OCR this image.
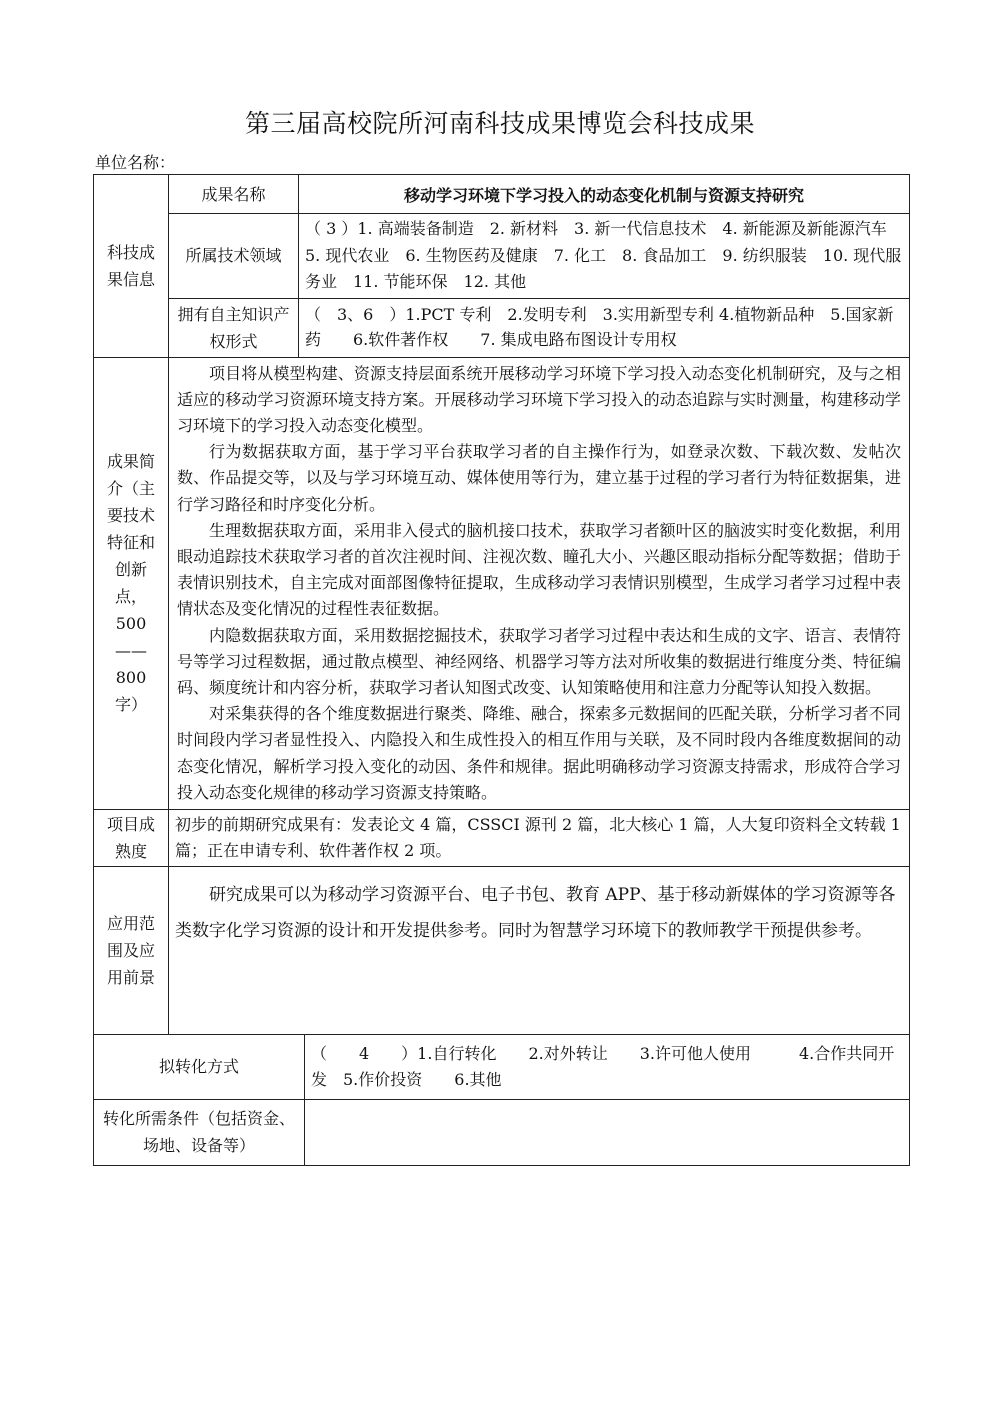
第三届高校院所河南科技成果博览会科技成果
单位名称：
科技成果信息	成果名称	移动学习环境下学习投入的动态变化机制与资源支持研究	
	所属技术领域	（ 3 ）1. 高端装备制造　2. 新材料　3. 新一代信息技术　4. 新能源及新能源汽车　5. 现代农业　6. 生物医药及健康　7. 化工　8. 食品加工　9. 纺织服装　10. 现代服务业　11. 节能环保　12. 其他	
	拥有自主知识产权形式	（　3、6　）1.PCT 专利　2.发明专利　3.实用新型专利 4.植物新品种　5.国家新药　　6.软件著作权　　7. 集成电路布图设计专用权	
成果简介（主要技术特征和创新点，500——800字）	项目将从模型构建、资源支持层面系统开展移动学习环境下学习投入动态变化机制研究，及与之相适应的移动学习资源环境支持方案。开展移动学习环境下学习投入的动态追踪与实时测量，构建移动学习环境下的学习投入动态变化模型。

行为数据获取方面，基于学习平台获取学习者的自主操作行为，如登录次数、下载次数、发帖次数、作品提交等，以及与学习环境互动、媒体使用等行为，建立基于过程的学习者行为特征数据集，进行学习路径和时序变化分析。

生理数据获取方面，采用非入侵式的脑机接口技术，获取学习者额叶区的脑波实时变化数据，利用眼动追踪技术获取学习者的首次注视时间、注视次数、瞳孔大小、兴趣区眼动指标分配等数据；借助于表情识别技术，自主完成对面部图像特征提取，生成移动学习表情识别模型，生成学习者学习过程中表情状态及变化情况的过程性表征数据。

内隐数据获取方面，采用数据挖掘技术，获取学习者学习过程中表达和生成的文字、语言、表情符号等学习过程数据，通过散点模型、神经网络、机器学习等方法对所收集的数据进行维度分类、特征编码、频度统计和内容分析，获取学习者认知图式改变、认知策略使用和注意力分配等认知投入数据。

对采集获得的各个维度数据进行聚类、降维、融合，探索多元数据间的匹配关联，分析学习者不同时间段内学习者显性投入、内隐投入和生成性投入的相互作用与关联，及不同时段内各维度数据间的动态变化情况，解析学习投入变化的动因、条件和规律。据此明确移动学习资源支持需求，形成符合学习投入动态变化规律的移动学习资源支持策略。		

项目成熟度	初步的前期研究成果有：发表论文 4 篇，CSSCI 源刊 2 篇，北大核心 1 篇，人大复印资料全文转载 1 篇；正在申请专利、软件著作权 2 项。		
应用范围及应用前景	研究成果可以为移动学习资源平台、电子书包、教育 APP、基于移动新媒体的学习资源等各类数字化学习资源的设计和开发提供参考。同时为智慧学习环境下的教师教学干预提供参考。		

拟转化方式			（　　4　　）1.自行转化　　2.对外转让　　3.许可他人使用　　　4.合作共同开发　5.作价投资　　6.其他
转化所需条件（包括资金、场地、设备等）			
